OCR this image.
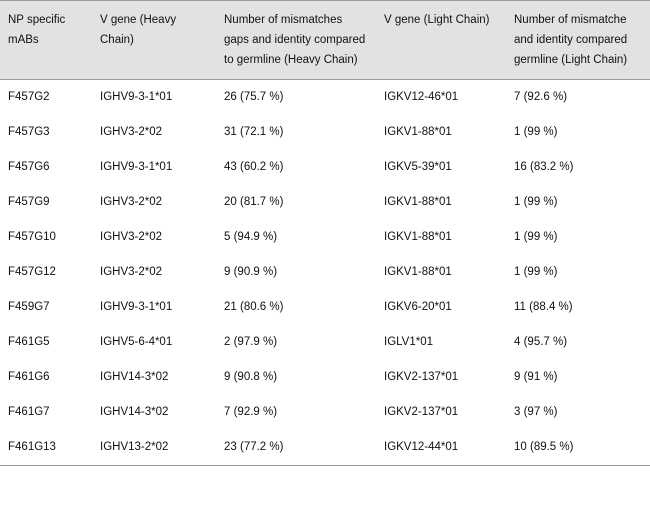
NP specific mABs	V gene (Heavy Chain)	Number of mismatches gaps and identity compared to germline (Heavy Chain)	V gene (Light Chain)	Number of mismatche and identity compared germline (Light Chain)
F457G2	IGHV9-3-1*01	26 (75.7 %)	IGKV12-46*01	7 (92.6 %)
F457G3	IGHV3-2*02	31 (72.1 %)	IGKV1-88*01	1 (99 %)
F457G6	IGHV9-3-1*01	43 (60.2 %)	IGKV5-39*01	16 (83.2 %)
F457G9	IGHV3-2*02	20 (81.7 %)	IGKV1-88*01	1 (99 %)
F457G10	IGHV3-2*02	5 (94.9 %)	IGKV1-88*01	1 (99 %)
F457G12	IGHV3-2*02	9 (90.9 %)	IGKV1-88*01	1 (99 %)
F459G7	IGHV9-3-1*01	21 (80.6 %)	IGKV6-20*01	11 (88.4 %)
F461G5	IGHV5-6-4*01	2 (97.9 %)	IGLV1*01	4 (95.7 %)
F461G6	IGHV14-3*02	9 (90.8 %)	IGKV2-137*01	9 (91 %)
F461G7	IGHV14-3*02	7 (92.9 %)	IGKV2-137*01	3 (97 %)
F461G13	IGHV13-2*02	23 (77.2 %)	IGKV12-44*01	10 (89.5 %)
